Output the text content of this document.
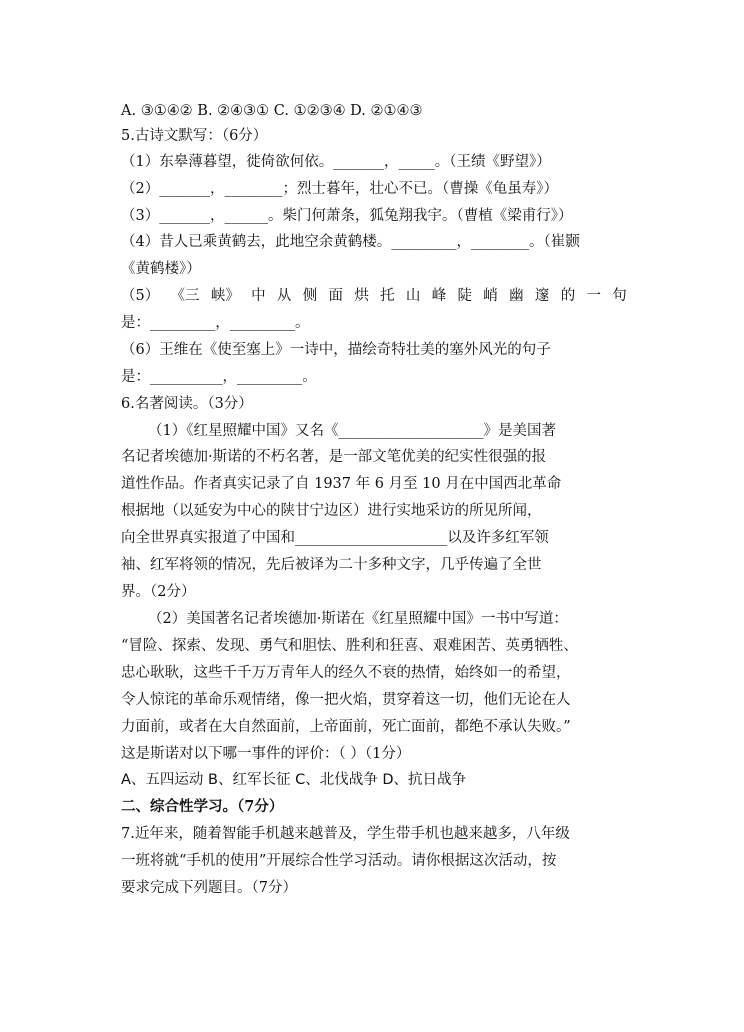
A. ③①④② B. ②④③① C. ①②③④ D. ②①④③
5.古诗文默写：（6分）
（1）东皋薄暮望，徙倚欲何依。_______，_____。（王绩《野望》）
（2）_______，________；烈士暮年，壮心不已。（曹操《龟虽寿》）
（3）_______，______。柴门何萧条，狐兔翔我宇。（曹植《梁甫行》）
（4）昔人已乘黄鹤去，此地空余黄鹤楼。_________，________。（崔颢
《黄鹤楼》）
（5） 《三 峡》 中 从 侧 面 烘 托 山 峰 陡 峭 幽 邃 的 一 句
是：_________，_________。
（6）王维在《使至塞上》一诗中，描绘奇特壮美的塞外风光的句子
是：__________，_________。
6.名著阅读。（3分）
（1）《红星照耀中国》又名《____________________》是美国著
名记者埃德加·斯诺的不朽名著，是一部文笔优美的纪实性很强的报
道性作品。作者真实记录了自 1937 年 6 月至 10 月在中国西北革命
根据地（以延安为中心的陕甘宁边区）进行实地采访的所见所闻，
向全世界真实报道了中国和_____________________以及许多红军领
袖、红军将领的情况，先后被译为二十多种文字，几乎传遍了全世
界。（2分）
（2）美国著名记者埃德加·斯诺在《红星照耀中国》一书中写道：
“冒险、探索、发现、勇气和胆怯、胜利和狂喜、艰难困苦、英勇牺牲、
忠心耿耿，这些千千万万青年人的经久不衰的热情，始终如一的希望，
令人惊诧的革命乐观情绪，像一把火焰，贯穿着这一切，他们无论在人
力面前，或者在大自然面前，上帝面前，死亡面前，都绝不承认失败。”
这是斯诺对以下哪一事件的评价：（ ）（1分）
A、五四运动 B、红军长征 C、北伐战争 D、抗日战争
二、综合性学习。（7分）
7.近年来，随着智能手机越来越普及，学生带手机也越来越多，八年级
一班将就“手机的使用”开展综合性学习活动。请你根据这次活动，按
要求完成下列题目。（7分）
